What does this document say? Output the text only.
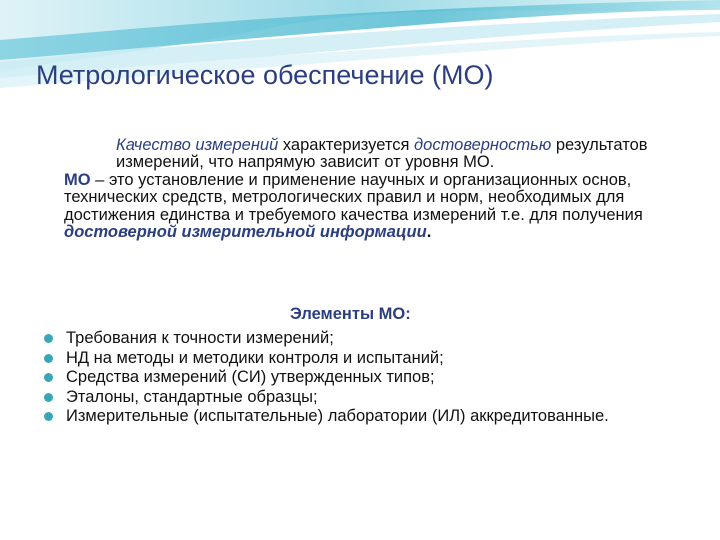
Метрологическое обеспечение (МО)

Качество измерений характеризуется достоверностью результатов измерений, что напрямую зависит от уровня МО.

МО – это установление и применение научных и организационных основ, технических средств, метрологических правил и норм, необходимых для достижения единства и требуемого качества измерений т.е. для получения достоверной измерительной информации.

Элементы МО:
Требования к точности измерений;
НД на методы и методики контроля и испытаний;
Средства измерений (СИ) утвержденных типов;
Эталоны, стандартные образцы;
Измерительные (испытательные) лаборатории (ИЛ) аккредитованные.
